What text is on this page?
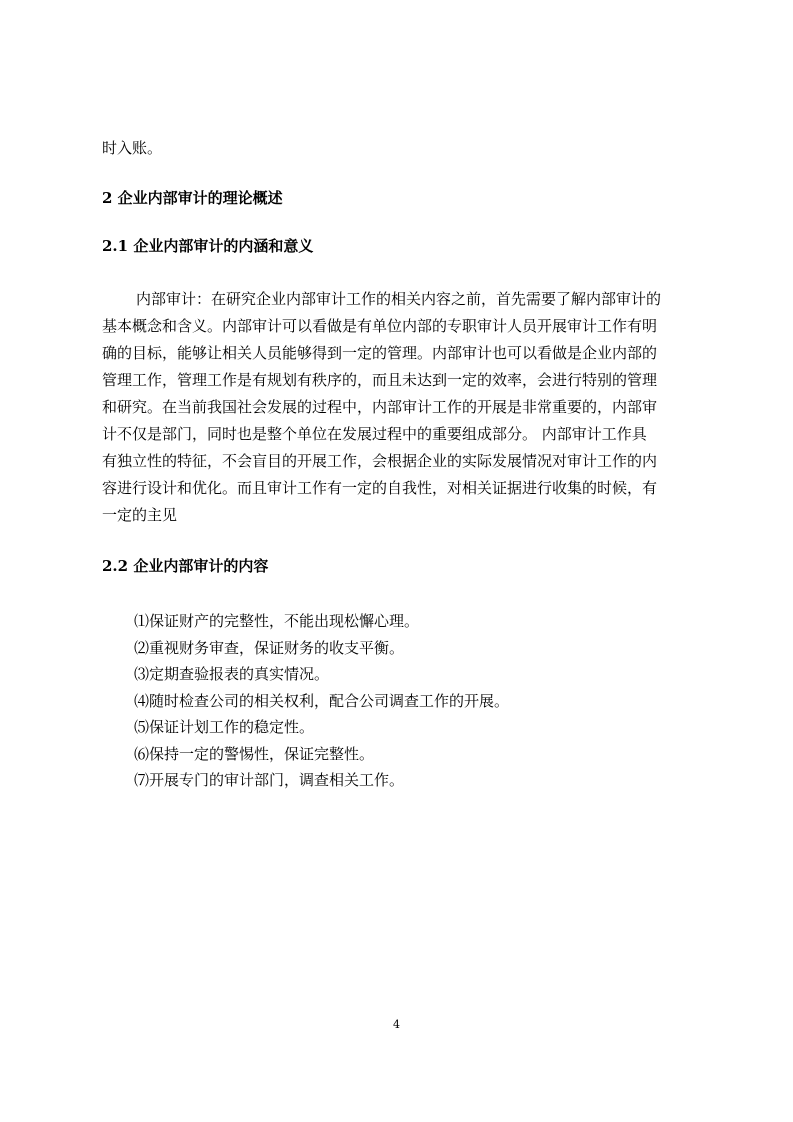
时入账。

2 企业内部审计的理论概述
2.1 企业内部审计的内涵和意义
内部审计：在研究企业内部审计工作的相关内容之前，首先需要了解内部审计的
基本概念和含义。内部审计可以看做是有单位内部的专职审计人员开展审计工作有明
确的目标，能够让相关人员能够得到一定的管理。内部审计也可以看做是企业内部的
管理工作，管理工作是有规划有秩序的，而且未达到一定的效率，会进行特别的管理
和研究。在当前我国社会发展的过程中，内部审计工作的开展是非常重要的，内部审
计不仅是部门，同时也是整个单位在发展过程中的重要组成部分。 内部审计工作具
有独立性的特征，不会盲目的开展工作，会根据企业的实际发展情况对审计工作的内
容进行设计和优化。而且审计工作有一定的自我性，对相关证据进行收集的时候，有
一定的主见
2.2 企业内部审计的内容
⑴保证财产的完整性，不能出现松懈心理。
⑵重视财务审查，保证财务的收支平衡。
⑶定期查验报表的真实情况。
⑷随时检查公司的相关权利，配合公司调查工作的开展。
⑸保证计划工作的稳定性。
⑹保持一定的警惕性，保证完整性。
⑺开展专门的审计部门，调查相关工作。
4
